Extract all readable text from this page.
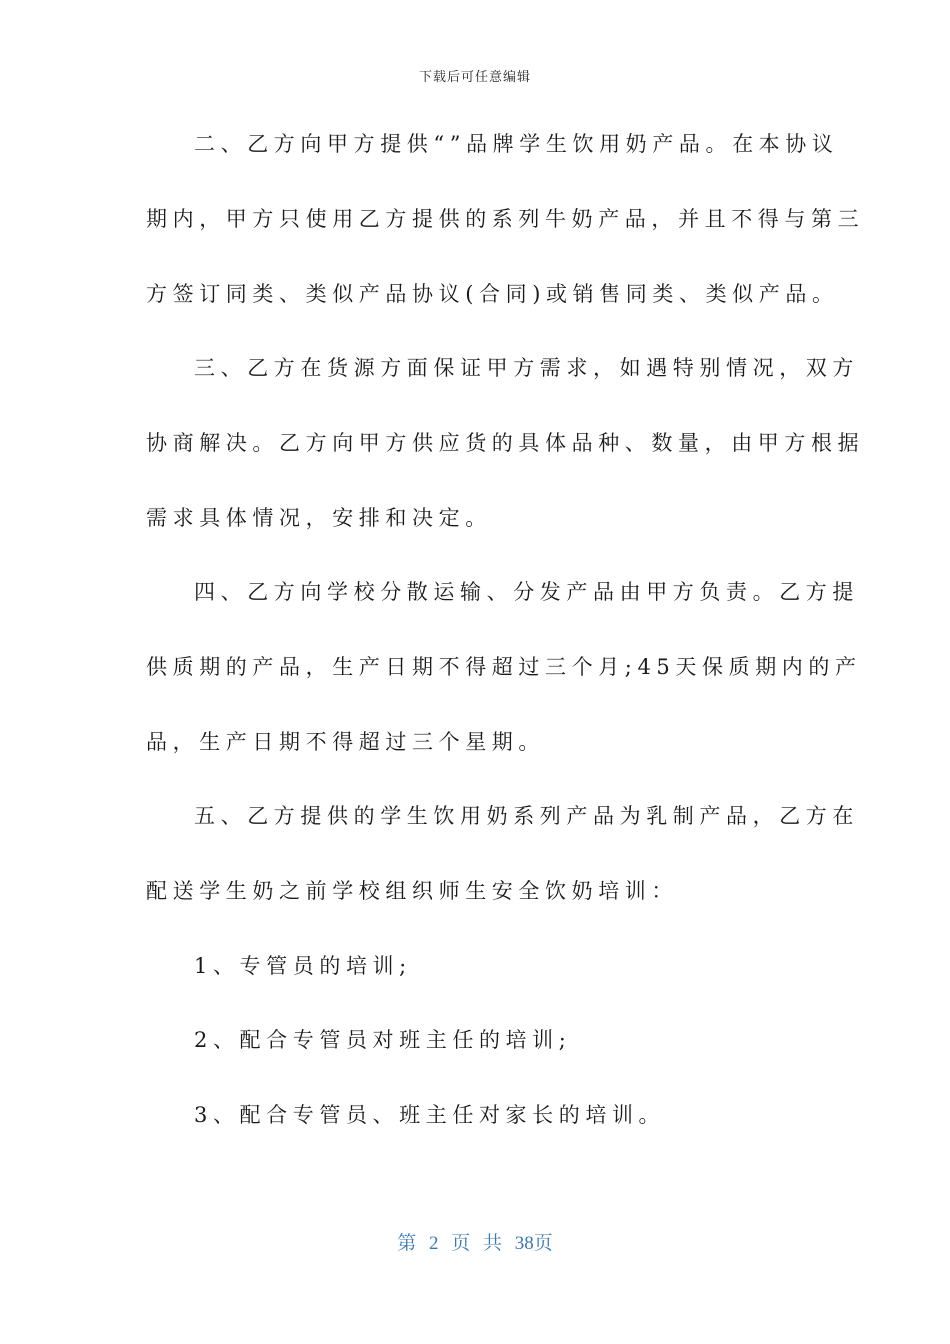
下载后可任意编辑
二、乙方向甲方提供“”品牌学生饮用奶产品。在本协议
期内，甲方只使用乙方提供的系列牛奶产品，并且不得与第三
方签订同类、类似产品协议(合同)或销售同类、类似产品。
三、乙方在货源方面保证甲方需求，如遇特别情况，双方
协商解决。乙方向甲方供应货的具体品种、数量，由甲方根据
需求具体情况，安排和决定。
四、乙方向学校分散运输、分发产品由甲方负责。乙方提
供质期的产品，生产日期不得超过三个月;45天保质期内的产
品，生产日期不得超过三个星期。
五、乙方提供的学生饮用奶系列产品为乳制产品，乙方在
配送学生奶之前学校组织师生安全饮奶培训：
1、专管员的培训;
2、配合专管员对班主任的培训;
3、配合专管员、班主任对家长的培训。
第 2 页 共 38页
